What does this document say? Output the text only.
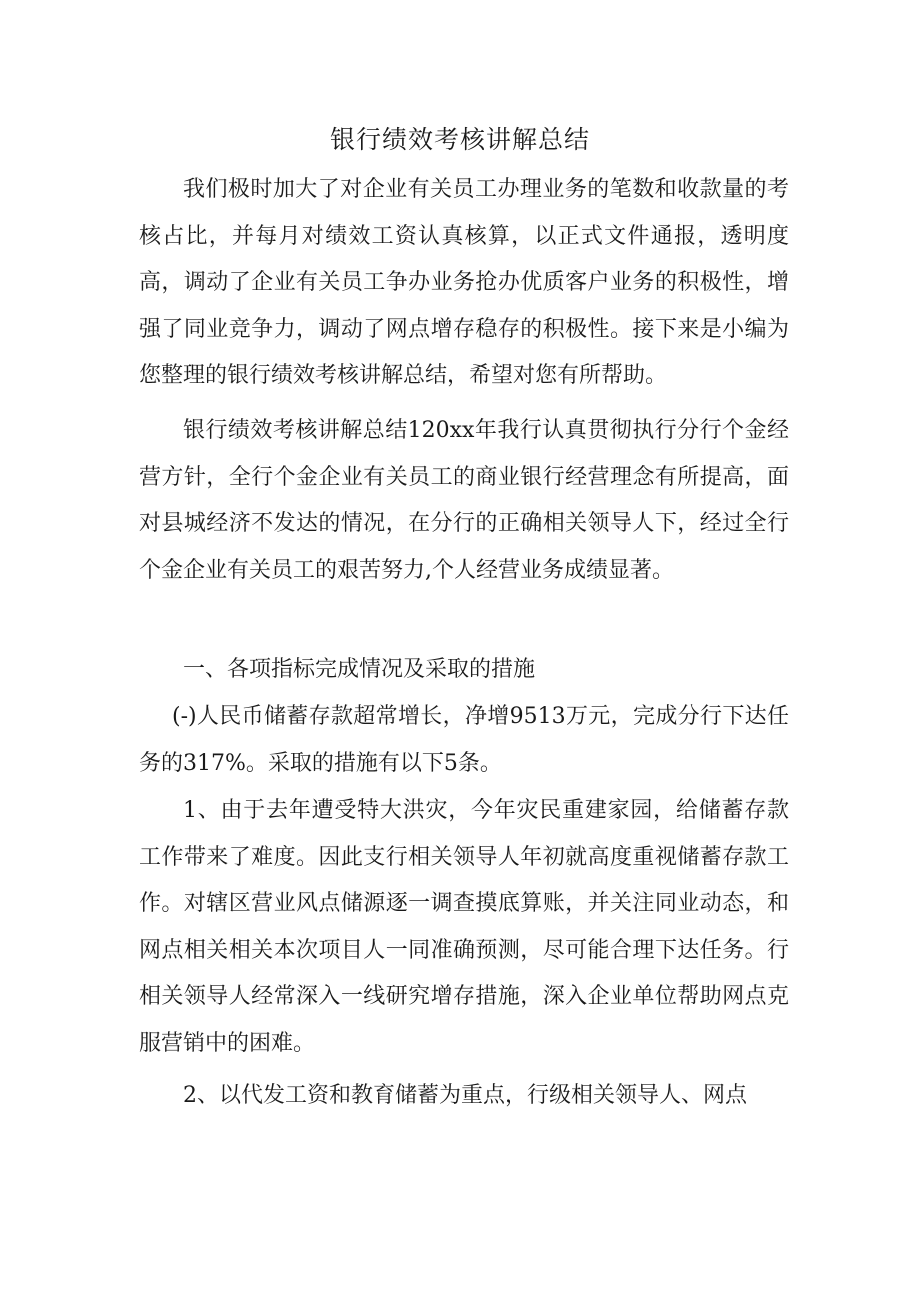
银行绩效考核讲解总结

我们极时加大了对企业有关员工办理业务的笔数和收款量的考核占比，并每月对绩效工资认真核算，以正式文件通报，透明度高，调动了企业有关员工争办业务抢办优质客户业务的积极性，增强了同业竞争力，调动了网点增存稳存的积极性。接下来是小编为您整理的银行绩效考核讲解总结，希望对您有所帮助。

银行绩效考核讲解总结120xx年我行认真贯彻执行分行个金经营方针，全行个金企业有关员工的商业银行经营理念有所提高，面对县城经济不发达的情况，在分行的正确相关领导人下，经过全行个金企业有关员工的艰苦努力,个人经营业务成绩显著。

一、各项指标完成情况及采取的措施

(-)人民币储蓄存款超常增长，净增9513万元，完成分行下达任务的317%。采取的措施有以下5条。

1、由于去年遭受特大洪灾，今年灾民重建家园，给储蓄存款工作带来了难度。因此支行相关领导人年初就高度重视储蓄存款工作。对辖区营业风点储源逐一调查摸底算账，并关注同业动态，和网点相关相关本次项目人一同准确预测，尽可能合理下达任务。行相关领导人经常深入一线研究增存措施，深入企业单位帮助网点克服营销中的困难。

2、以代发工资和教育储蓄为重点，行级相关领导人、网点
